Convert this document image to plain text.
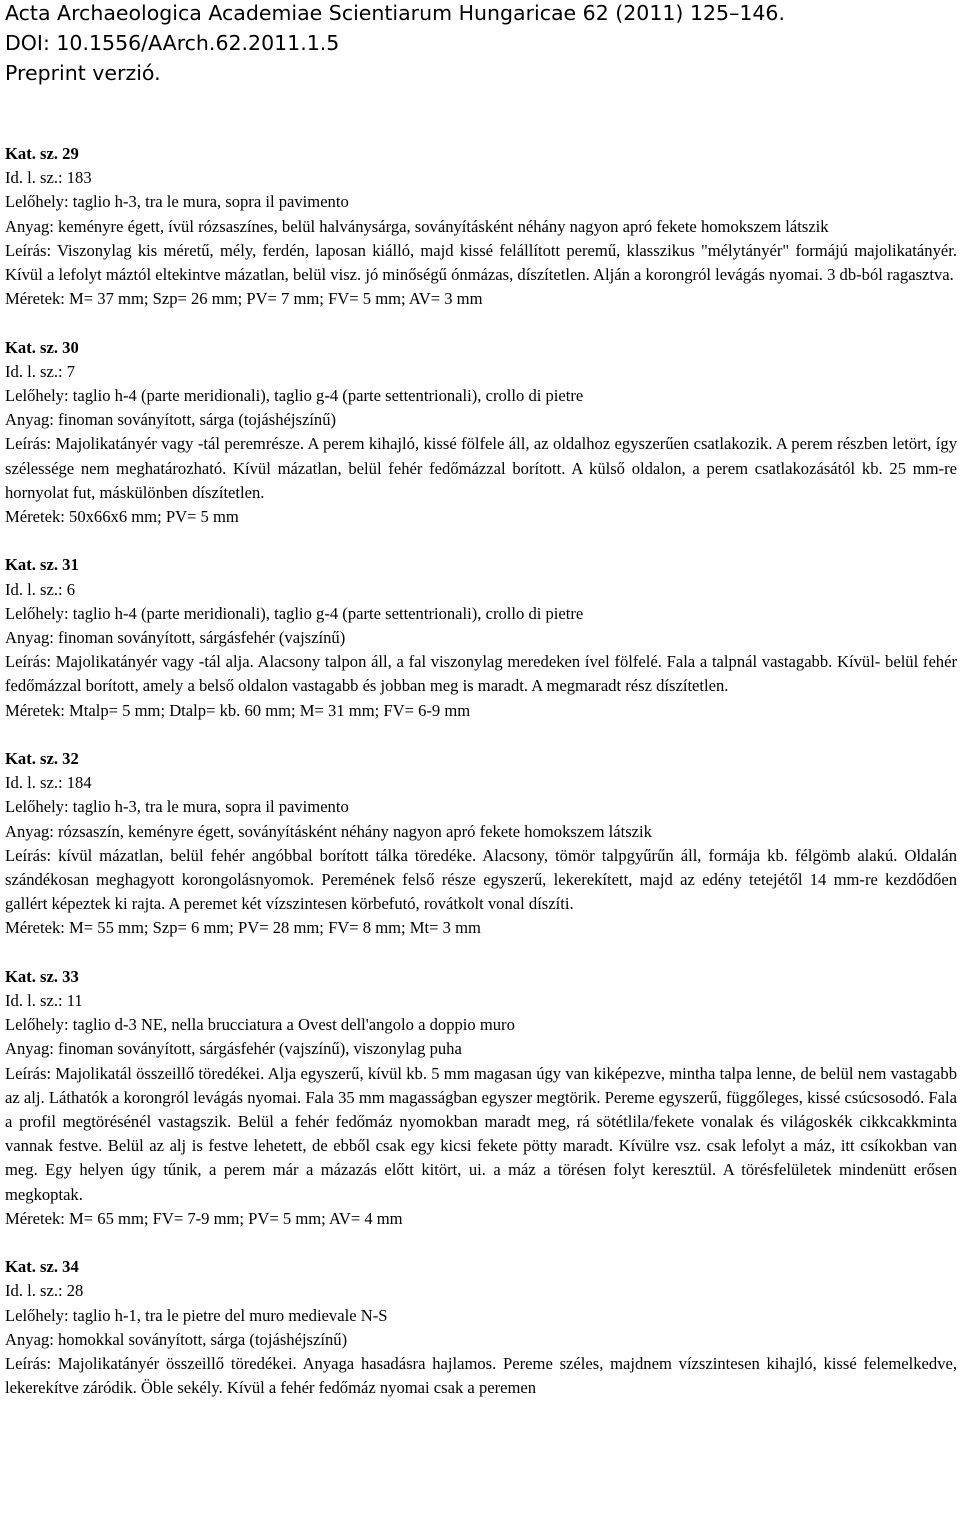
Acta Archaeologica Academiae Scientiarum Hungaricae 62 (2011) 125–146.
DOI: 10.1556/AArch.62.2011.1.5
Preprint verzió.

Kat. sz. 29

Id. l. sz.: 183

Lelőhely: taglio h-3, tra le mura, sopra il pavimento

Anyag: keményre égett, ívül rózsaszínes, belül halványsárga, soványításként néhány nagyon apró fekete homokszem látszik

Leírás: Viszonylag kis méretű, mély, ferdén, laposan kiálló, majd kissé felállított peremű, klasszikus "mélytányér" formájú majolikatányér. Kívül a lefolyt máztól eltekintve mázatlan, belül visz. jó minőségű ónmázas, díszítetlen. Alján a korongról levágás nyomai. 3 db-ból ragasztva.

Méretek: M= 37 mm; Szp= 26 mm; PV= 7 mm; FV= 5 mm; AV= 3 mm

Kat. sz. 30

Id. l. sz.: 7

Lelőhely: taglio h-4 (parte meridionali), taglio g-4 (parte settentrionali), crollo di pietre

Anyag: finoman soványított, sárga (tojáshéjszínű)

Leírás: Majolikatányér vagy -tál peremrésze. A perem kihajló, kissé fölfele áll, az oldalhoz egyszerűen csatlakozik. A perem részben letört, így szélessége nem meghatározható. Kívül mázatlan, belül fehér fedőmázzal borított. A külső oldalon, a perem csatlakozásától kb. 25 mm-re hornyolat fut, máskülönben díszítetlen.

Méretek: 50x66x6 mm; PV= 5 mm

Kat. sz. 31

Id. l. sz.: 6

Lelőhely: taglio h-4 (parte meridionali), taglio g-4 (parte settentrionali), crollo di pietre

Anyag: finoman soványított, sárgásfehér (vajszínű)

Leírás: Majolikatányér vagy -tál alja. Alacsony talpon áll, a fal viszonylag meredeken ível fölfelé. Fala a talpnál vastagabb. Kívül- belül fehér fedőmázzal borított, amely a belső oldalon vastagabb és jobban meg is maradt. A megmaradt rész díszítetlen.

Méretek: Mtalp= 5 mm; Dtalp= kb. 60 mm; M= 31 mm; FV= 6-9 mm

Kat. sz. 32

Id. l. sz.: 184

Lelőhely: taglio h-3, tra le mura, sopra il pavimento

Anyag: rózsaszín, keményre égett, soványításként néhány nagyon apró fekete homokszem látszik

Leírás: kívül mázatlan, belül fehér angóbbal borított tálka töredéke. Alacsony, tömör talpgyűrűn áll, formája kb. félgömb alakú. Oldalán szándékosan meghagyott korongolásnyomok. Peremének felső része egyszerű, lekerekített, majd az edény tetejétől 14 mm-re kezdődően gallért képeztek ki rajta. A peremet két vízszintesen körbefutó, rovátkolt vonal díszíti.

Méretek: M= 55 mm; Szp= 6 mm; PV= 28 mm; FV= 8 mm; Mt= 3 mm

Kat. sz. 33

Id. l. sz.: 11

Lelőhely: taglio d-3 NE, nella brucciatura a Ovest dell'angolo a doppio muro

Anyag: finoman soványított, sárgásfehér (vajszínű), viszonylag puha

Leírás: Majolikatál összeillő töredékei. Alja egyszerű, kívül kb. 5 mm magasan úgy van kiképezve, mintha talpa lenne, de belül nem vastagabb az alj. Láthatók a korongról levágás nyomai. Fala 35 mm magasságban egyszer megtörik. Pereme egyszerű, függőleges, kissé csúcsosodó. Fala a profil megtörésénél vastagszik. Belül a fehér fedőmáz nyomokban maradt meg, rá sötétlila/fekete vonalak és világoskék cikkcakkminta vannak festve. Belül az alj is festve lehetett, de ebből csak egy kicsi fekete pötty maradt. Kívülre vsz. csak lefolyt a máz, itt csíkokban van meg. Egy helyen úgy tűnik, a perem már a mázazás előtt kitört, ui. a máz a törésen folyt keresztül. A törésfelületek mindenütt erősen megkoptak.

Méretek: M= 65 mm; FV= 7-9 mm; PV= 5 mm; AV= 4 mm

Kat. sz. 34

Id. l. sz.: 28

Lelőhely: taglio h-1, tra le pietre del muro medievale N-S

Anyag: homokkal soványított, sárga (tojáshéjszínű)

Leírás: Majolikatányér összeillő töredékei. Anyaga hasadásra hajlamos. Pereme széles, majdnem vízszintesen kihajló, kissé felemelkedve, lekerekítve záródik. Öble sekély. Kívül a fehér fedőmáz nyomai csak a peremen
